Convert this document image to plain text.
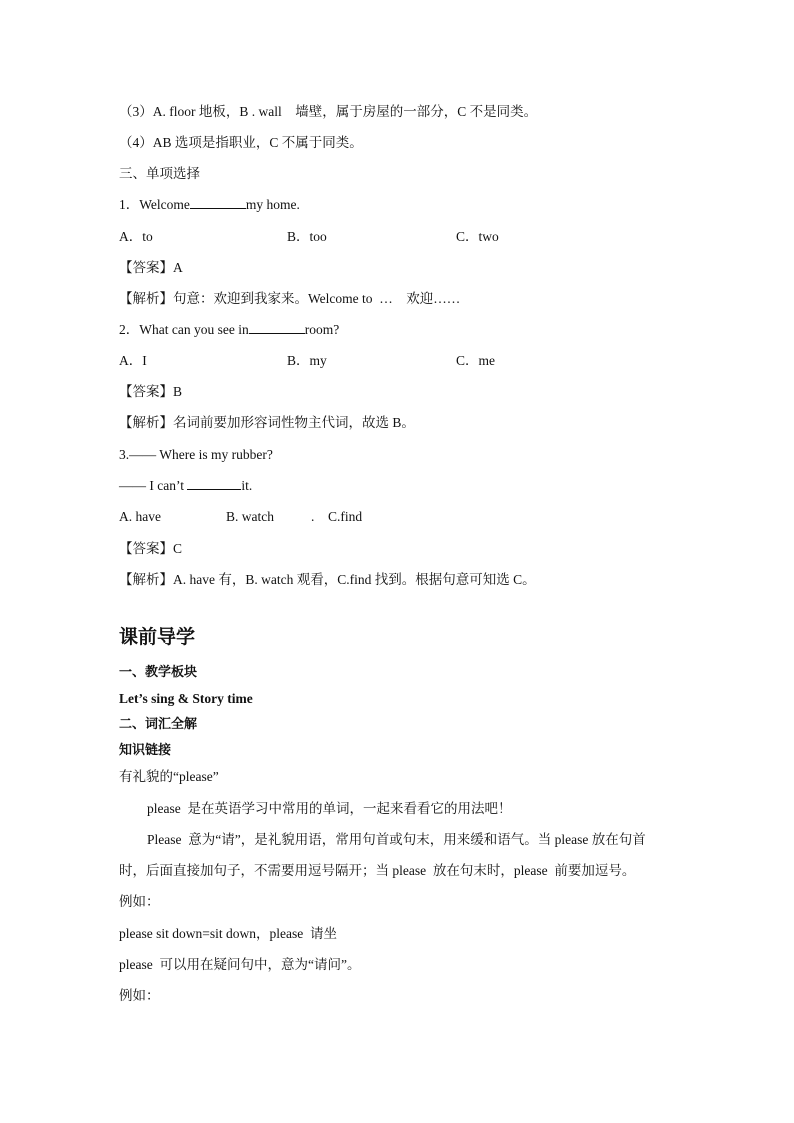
（3）A. floor 地板，B . wall　墙壁，属于房屋的一部分，C 不是同类。
（4）AB 选项是指职业，C 不属于同类。
三、单项选择
1．Welcome	my home.
A．to	B．too	C．two
【答案】A
【解析】句意：欢迎到我家来。Welcome to  …　欢迎……
2．What can you see in	room?
A．I	B．my	C．me
【答案】B
【解析】名词前要加形容词性物主代词，故选 B。
3.—— Where is my rubber?
—— I can’t	it.
A. have	B. watch	. C.find
【答案】C
【解析】A. have 有，B. watch 观看，C.find 找到。根据句意可知选 C。
课前导学
一、教学板块
Let’s sing & Story time
二、词汇全解
知识链接
有礼貌的“please”
please  是在英语学习中常用的单词，一起来看看它的用法吧！
Please  意为“请”，是礼貌用语，常用句首或句末，用来缓和语气。当 please 放在句首
时，后面直接加句子，不需要用逗号隔开；当 please  放在句末时，please  前要加逗号。
例如：
please sit down=sit down，please  请坐
please  可以用在疑问句中，意为“请问”。
例如：
